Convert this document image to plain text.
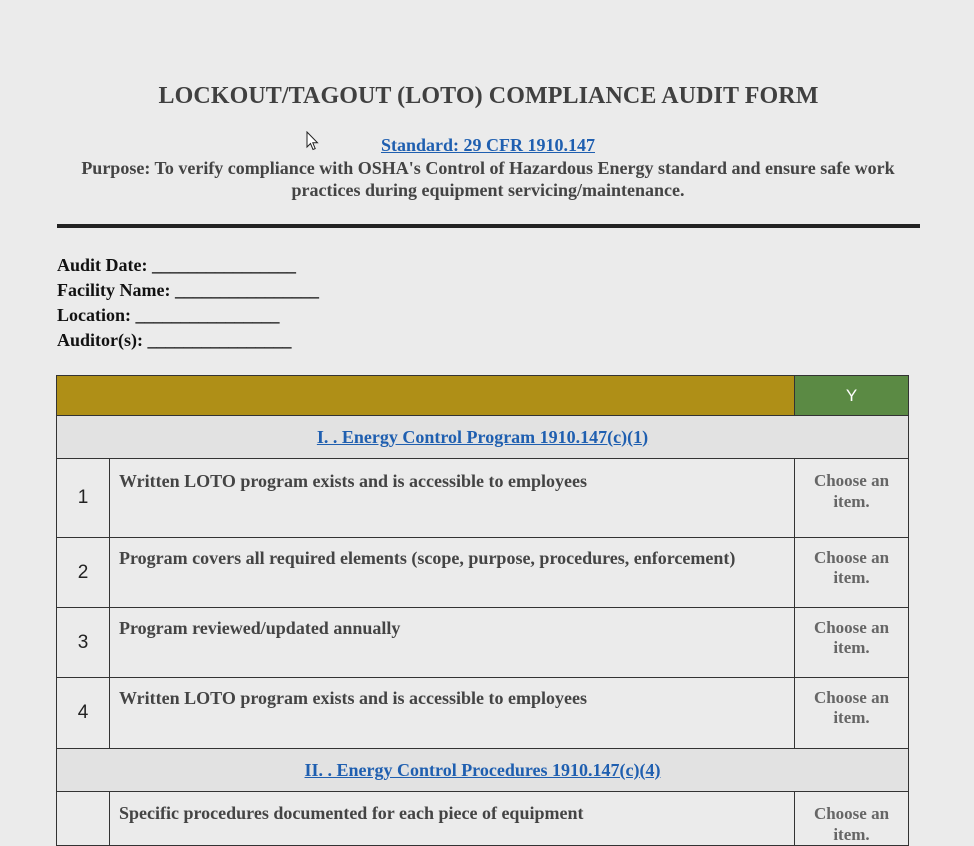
LOCKOUT/TAGOUT (LOTO) COMPLIANCE AUDIT FORM
Standard: 29 CFR 1910.147
Purpose: To verify compliance with OSHA's Control of Hazardous Energy standard and ensure safe work practices during equipment servicing/maintenance.
Audit Date: ________________
Facility Name: ________________
Location: ________________
Auditor(s): ________________
		Y
I. . Energy Control Program 1910.147(c)(1)		
1	Written LOTO program exists and is accessible to employees	Choose an item.
2	Program covers all required elements (scope, purpose, procedures, enforcement)	Choose an item.
3	Program reviewed/updated annually	Choose an item.
4	Written LOTO program exists and is accessible to employees	Choose an item.
II. . Energy Control Procedures 1910.147(c)(4)		
	Specific procedures documented for each piece of equipment	Choose an item.
